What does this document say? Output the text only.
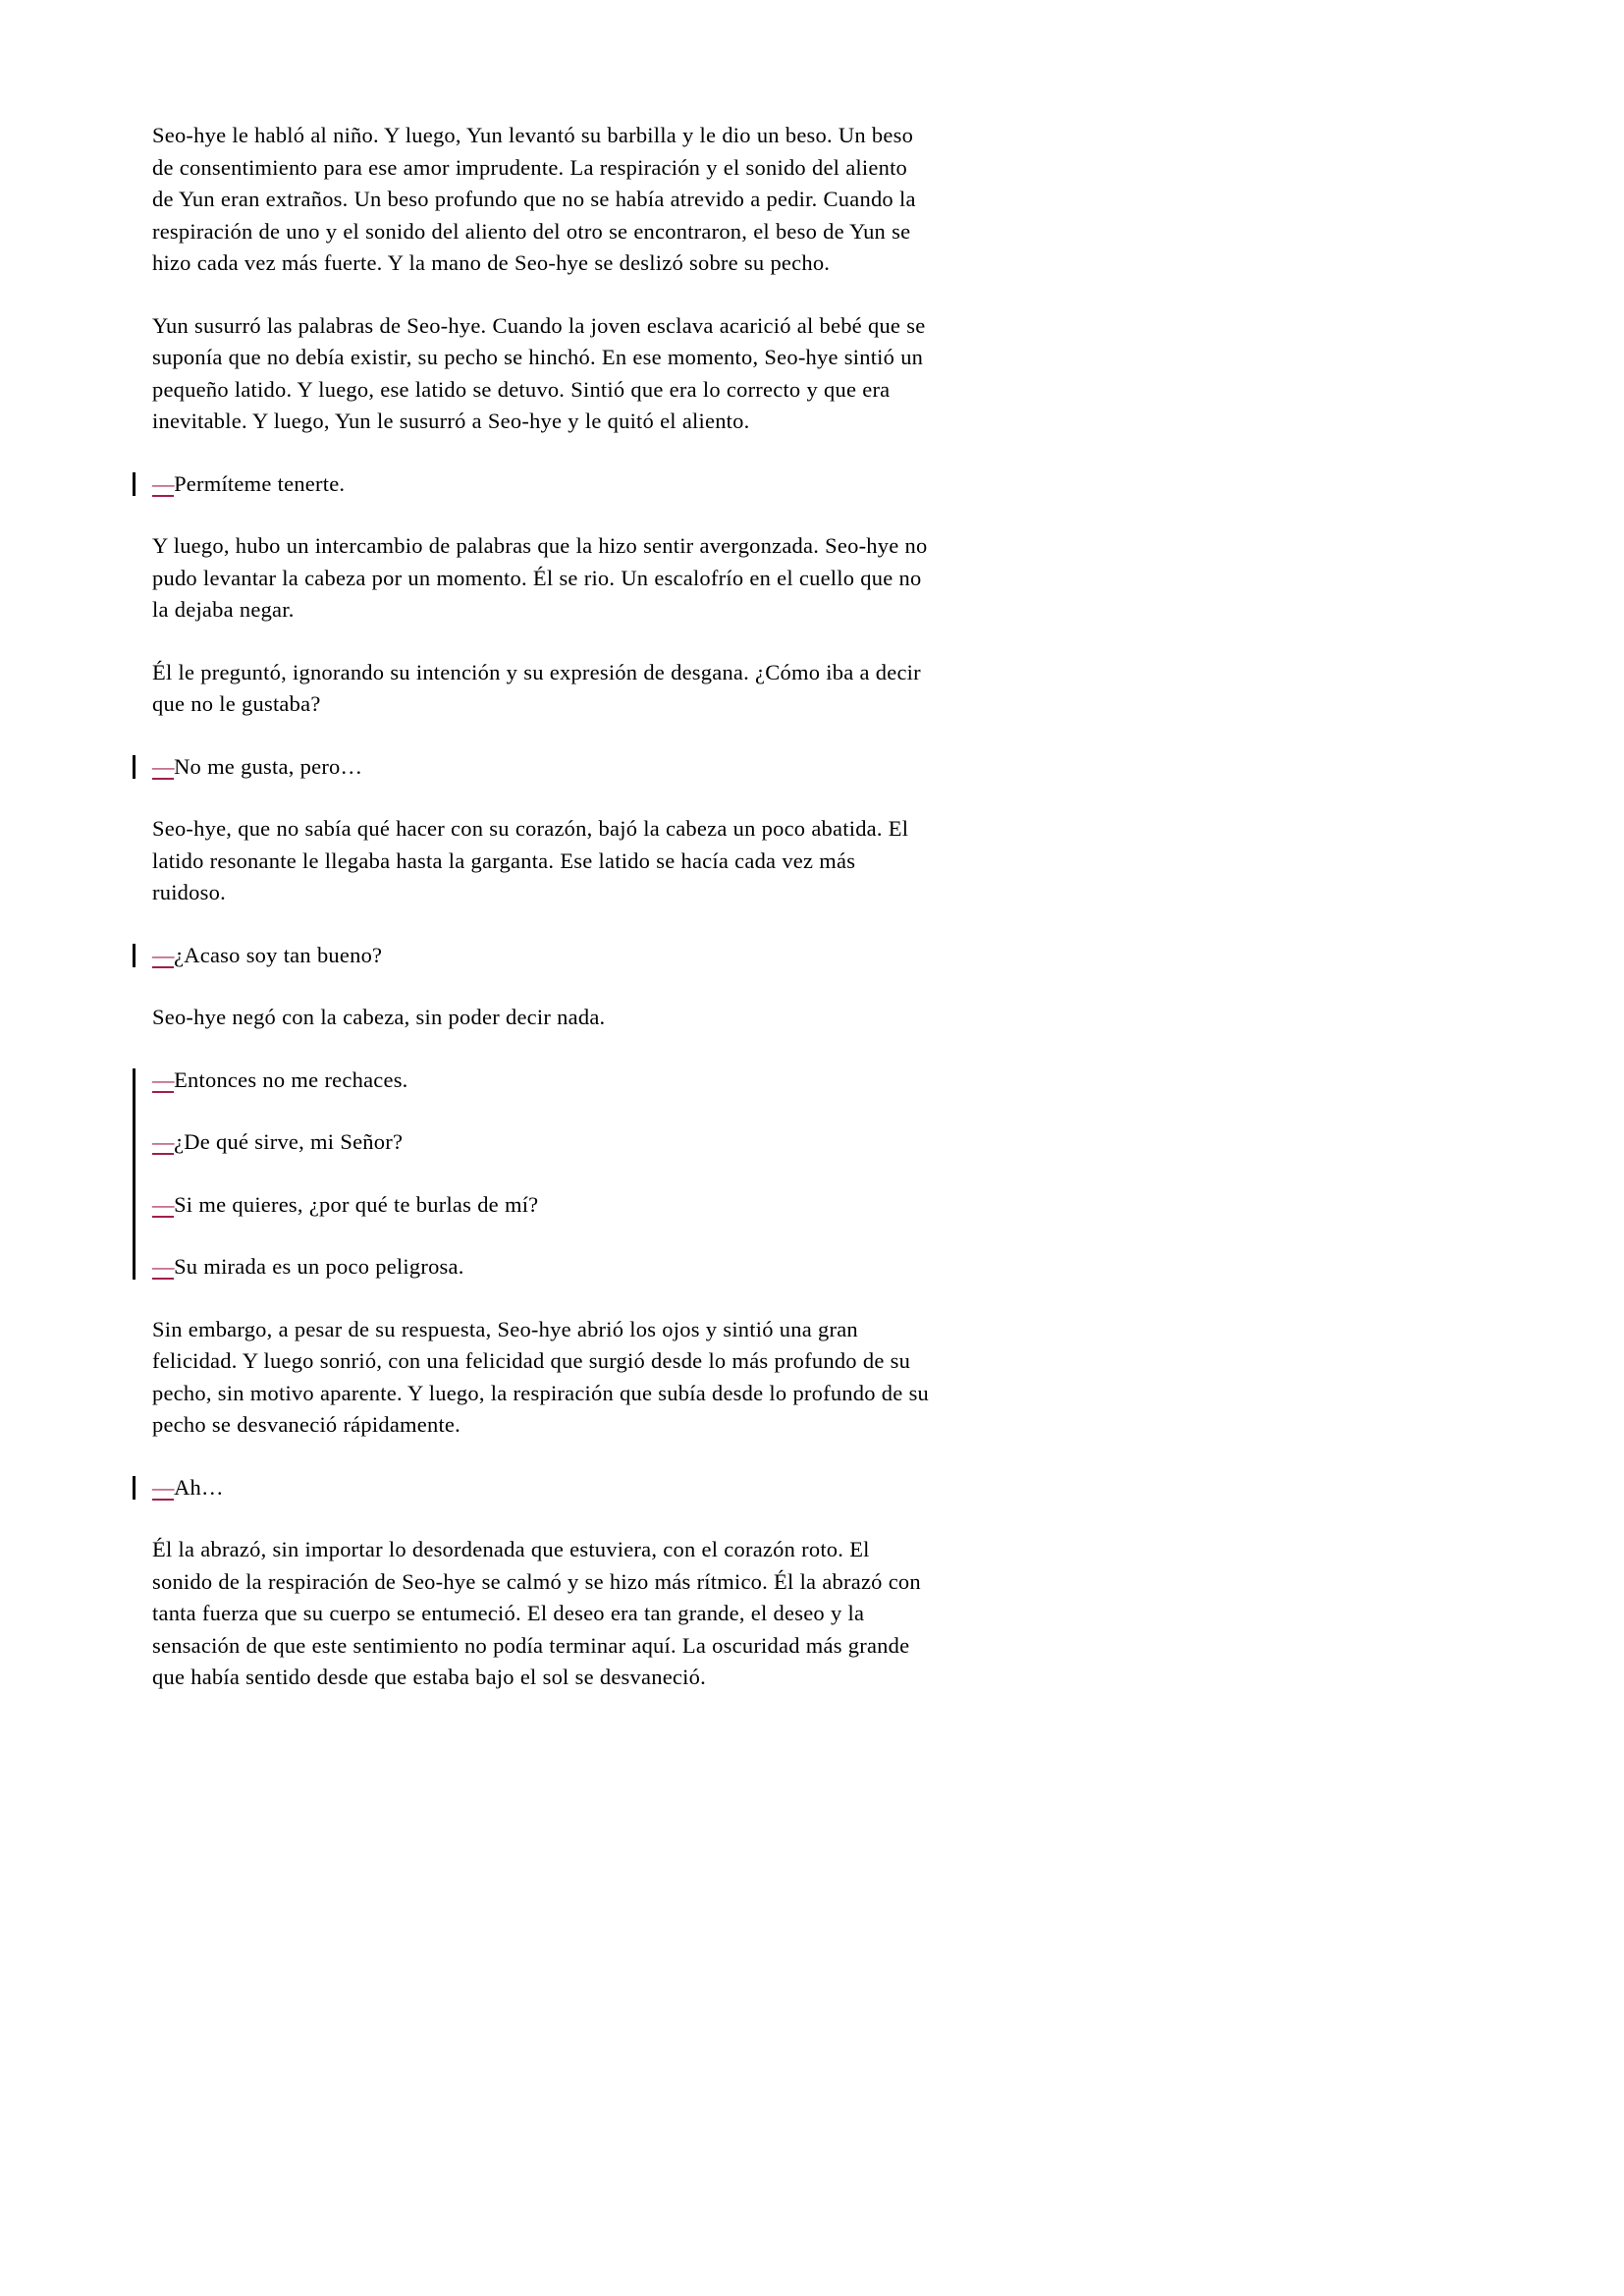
Seo-hye le habló al niño. Y luego, Yun levantó su barbilla y le dio un beso. Un beso de consentimiento para ese amor imprudente. La respiración y el sonido del aliento de Yun eran extraños. Un beso profundo que no se había atrevido a pedir. Cuando la respiración de uno y el sonido del aliento del otro se encontraron, el beso de Yun se hizo cada vez más fuerte. Y la mano de Seo-hye se deslizó sobre su pecho.

Yun susurró las palabras de Seo-hye. Cuando la joven esclava acarició al bebé que se suponía que no debía existir, su pecho se hinchó. En ese momento, Seo-hye sintió un pequeño latido. Y luego, ese latido se detuvo. Sintió que era lo correcto y que era inevitable. Y luego, Yun le susurró a Seo-hye y le quitó el aliento.

—Permíteme tenerte.

Y luego, hubo un intercambio de palabras que la hizo sentir avergonzada. Seo-hye no pudo levantar la cabeza por un momento. Él se rio. Un escalofrío en el cuello que no la dejaba negar.

Él le preguntó, ignorando su intención y su expresión de desgana. ¿Cómo iba a decir que no le gustaba?

—No me gusta, pero…

Seo-hye, que no sabía qué hacer con su corazón, bajó la cabeza un poco abatida. El latido resonante le llegaba hasta la garganta. Ese latido se hacía cada vez más ruidoso.

—¿Acaso soy tan bueno?

Seo-hye negó con la cabeza, sin poder decir nada.

—Entonces no me rechaces.

—¿De qué sirve, mi Señor?

—Si me quieres, ¿por qué te burlas de mí?

—Su mirada es un poco peligrosa.

Sin embargo, a pesar de su respuesta, Seo-hye abrió los ojos y sintió una gran felicidad. Y luego sonrió, con una felicidad que surgió desde lo más profundo de su pecho, sin motivo aparente. Y luego, la respiración que subía desde lo profundo de su pecho se desvaneció rápidamente.

—Ah…

Él la abrazó, sin importar lo desordenada que estuviera, con el corazón roto. El sonido de la respiración de Seo-hye se calmó y se hizo más rítmico. Él la abrazó con tanta fuerza que su cuerpo se entumeció. El deseo era tan grande, el deseo y la sensación de que este sentimiento no podía terminar aquí. La oscuridad más grande que había sentido desde que estaba bajo el sol se desvaneció.
